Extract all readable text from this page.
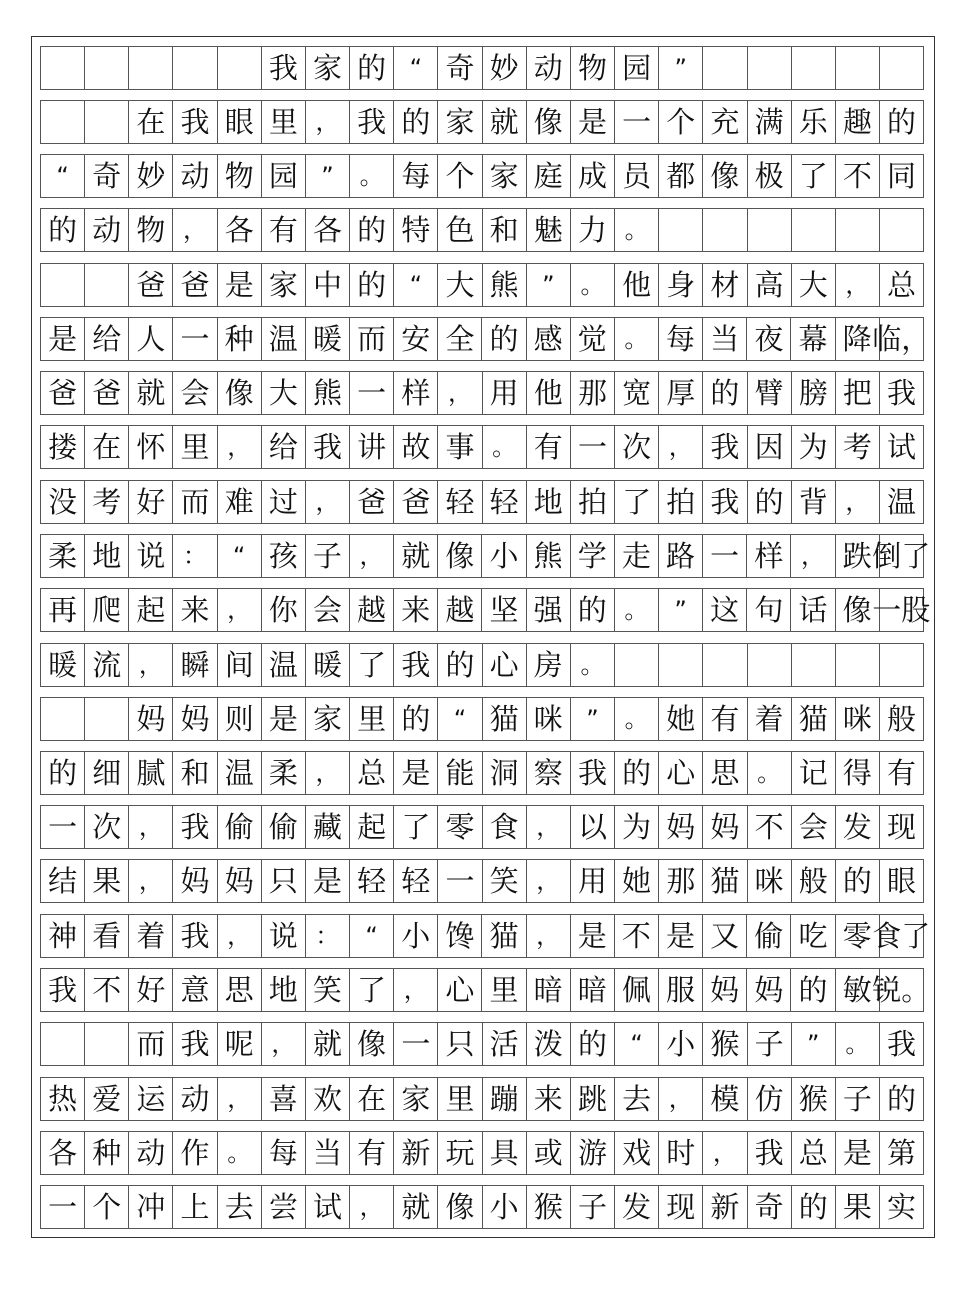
我 家 的 “ 奇 妙 动 物 园 ”
在 我 眼 里 ， 我 的 家 就 像 是 一 个 充 满 乐 趣 的
“ 奇 妙 动 物 园 ”	。 每 个 家 庭 成 员 都 像 极 了 不 同
的 动 物 ， 各 有 各 的 特 色 和 魅 力 。
爸 爸 是 家 中 的 “ 大 熊 ”	。 他 身 材 高 大 ， 总
是 给 人 一 种 温 暖 而 安 全 的 感 觉 。 每 当 夜 幕 降 临，
爸 爸 就 会 像 大 熊 一 样 ， 用 他 那 宽 厚 的 臂 膀 把 我
搂 在 怀 里 ， 给 我 讲 故 事 。 有 一 次 ， 我 因 为 考 试
没 考 好 而 难 过 ， 爸 爸 轻 轻 地 拍 了 拍 我 的 背 ， 温
柔 地 说 ：	“ 孩 子 ， 就 像 小 熊 学 走 路 一 样 ， 跌 倒了
再 爬 起 来 ， 你 会 越 来 越 坚 强 的 。	” 这 句 话 像 一股
暖 流 ， 瞬 间 温 暖 了 我 的 心 房 。
妈 妈 则 是 家 里 的 “ 猫 咪 ”	。 她 有 着 猫 咪 般
的 细 腻 和 温 柔 ， 总 是 能 洞 察 我 的 心 思 。 记 得 有
一 次 ， 我 偷 偷 藏 起 了 零 食 ， 以 为 妈 妈 不 会 发 现
结 果 ， 妈 妈 只 是 轻 轻 一 笑 ， 用 她 那 猫 咪 般 的 眼
神 看 着 我 ， 说 ：	“ 小 馋 猫 ， 是 不 是 又 偷 吃 零 食了
我 不 好 意 思 地 笑 了 ， 心 里 暗 暗 佩 服 妈 妈 的 敏 锐。
而 我 呢 ， 就 像 一 只 活 泼 的 “ 小 猴 子 ”	。 我
热 爱 运 动 ， 喜 欢 在 家 里 蹦 来 跳 去 ， 模 仿 猴 子 的
各 种 动 作 。 每 当 有 新 玩 具 或 游 戏 时 ， 我 总 是 第
一 个 冲 上 去 尝 试 ， 就 像 小 猴 子 发 现 新 奇 的 果 实
